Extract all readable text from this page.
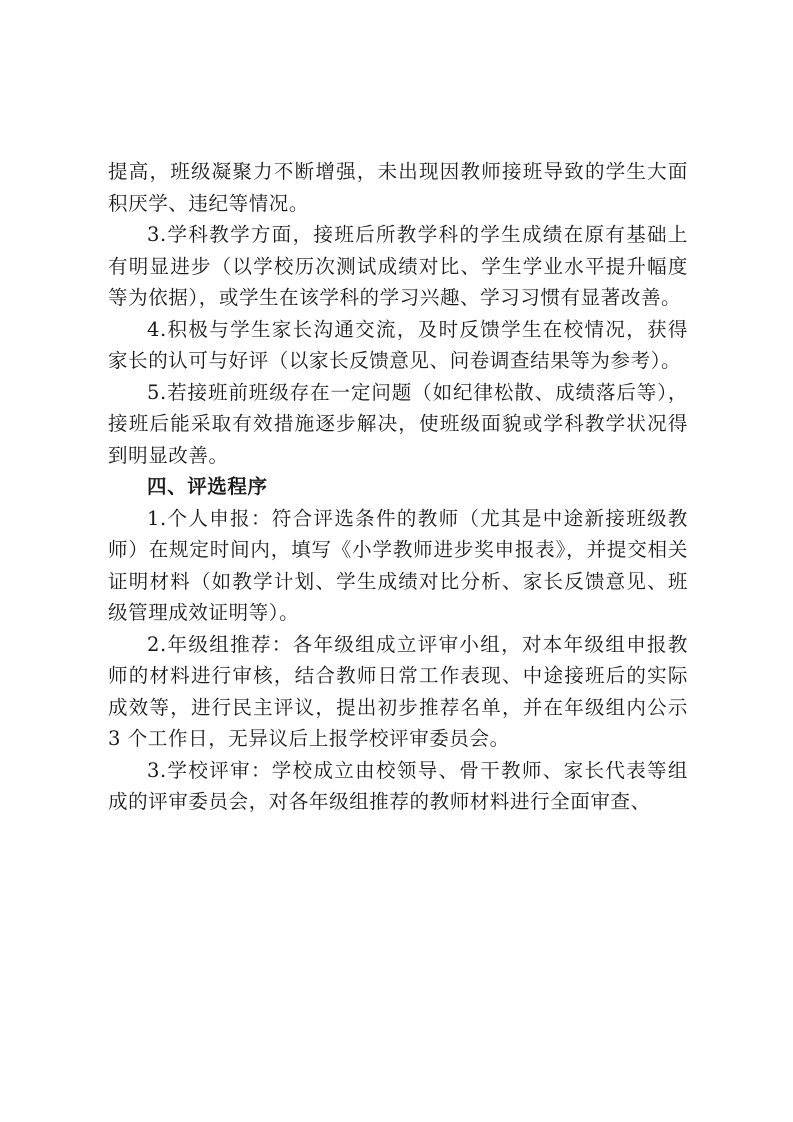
提高，班级凝聚力不断增强，未出现因教师接班导致的学生大面积厌学、违纪等情况。

3.学科教学方面，接班后所教学科的学生成绩在原有基础上有明显进步（以学校历次测试成绩对比、学生学业水平提升幅度等为依据），或学生在该学科的学习兴趣、学习习惯有显著改善。

4.积极与学生家长沟通交流，及时反馈学生在校情况，获得家长的认可与好评（以家长反馈意见、问卷调查结果等为参考）。

5.若接班前班级存在一定问题（如纪律松散、成绩落后等），接班后能采取有效措施逐步解决，使班级面貌或学科教学状况得到明显改善。

四、评选程序

1.个人申报：符合评选条件的教师（尤其是中途新接班级教师）在规定时间内，填写《小学教师进步奖申报表》，并提交相关证明材料（如教学计划、学生成绩对比分析、家长反馈意见、班级管理成效证明等）。

2.年级组推荐：各年级组成立评审小组，对本年级组申报教师的材料进行审核，结合教师日常工作表现、中途接班后的实际成效等，进行民主评议，提出初步推荐名单，并在年级组内公示 3 个工作日，无异议后上报学校评审委员会。

3.学校评审：学校成立由校领导、骨干教师、家长代表等组成的评审委员会，对各年级组推荐的教师材料进行全面审查、
